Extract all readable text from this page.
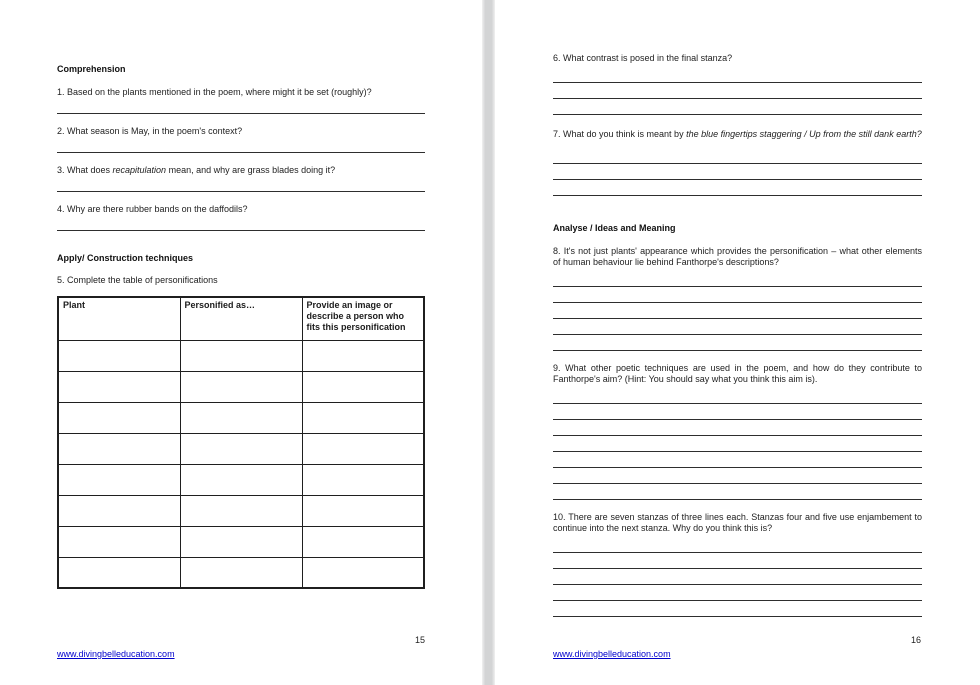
Comprehension

1. Based on the plants mentioned in the poem, where might it be set (roughly)?

2. What season is May, in the poem's context?

3. What does recapitulation mean, and why are grass blades doing it?

4. Why are there rubber bands on the daffodils?

Apply/ Construction techniques

5. Complete the table of personifications

Plant	Personified as…	Provide an image or describe a person who fits this personification

15
www.divingbelleducation.com

6. What contrast is posed in the final stanza?

7. What do you think is meant by the blue fingertips staggering / Up from the still dank earth?

Analyse / Ideas and Meaning

8. It's not just plants' appearance which provides the personification – what other elements of human behaviour lie behind Fanthorpe's descriptions?

9. What other poetic techniques are used in the poem, and how do they contribute to Fanthorpe's aim? (Hint: You should say what you think this aim is).

10. There are seven stanzas of three lines each. Stanzas four and five use enjambement to continue into the next stanza. Why do you think this is?

16
www.divingbelleducation.com
